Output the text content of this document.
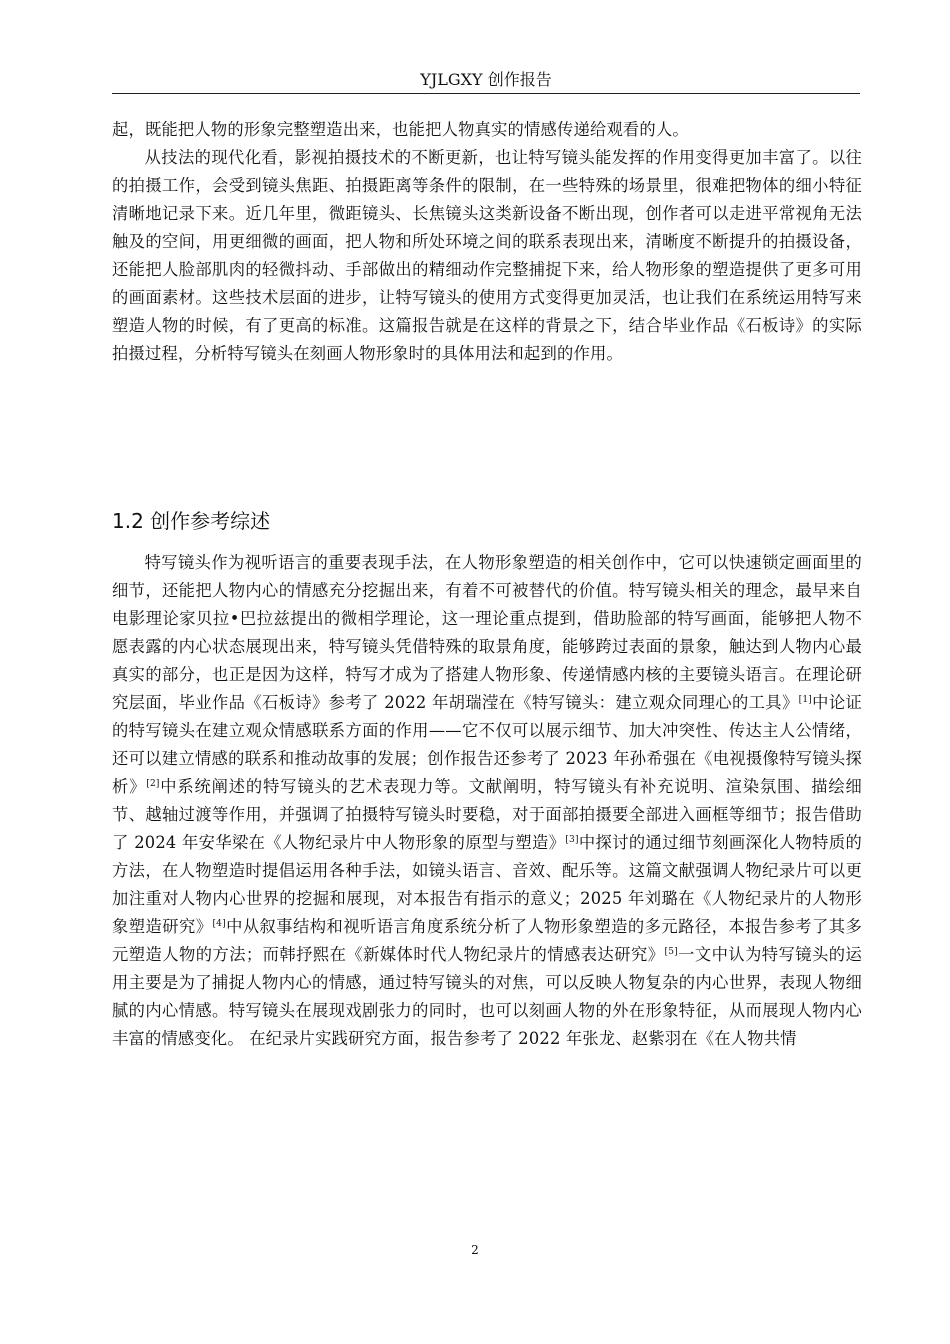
YJLGXY 创作报告

起，既能把人物的形象完整塑造出来，也能把人物真实的情感传递给观看的人。

从技法的现代化看，影视拍摄技术的不断更新，也让特写镜头能发挥的作用变得更加丰富了。以往的拍摄工作，会受到镜头焦距、拍摄距离等条件的限制，在一些特殊的场景里，很难把物体的细小特征清晰地记录下来。近几年里，微距镜头、长焦镜头这类新设备不断出现，创作者可以走进平常视角无法触及的空间，用更细微的画面，把人物和所处环境之间的联系表现出来，清晰度不断提升的拍摄设备，还能把人脸部肌肉的轻微抖动、手部做出的精细动作完整捕捉下来，给人物形象的塑造提供了更多可用的画面素材。这些技术层面的进步，让特写镜头的使用方式变得更加灵活，也让我们在系统运用特写来塑造人物的时候，有了更高的标准。这篇报告就是在这样的背景之下，结合毕业作品《石板诗》的实际拍摄过程，分析特写镜头在刻画人物形象时的具体用法和起到的作用。

1.2 创作参考综述

特写镜头作为视听语言的重要表现手法，在人物形象塑造的相关创作中，它可以快速锁定画面里的细节，还能把人物内心的情感充分挖掘出来，有着不可被替代的价值。特写镜头相关的理念，最早来自电影理论家贝拉•巴拉兹提出的微相学理论，这一理论重点提到，借助脸部的特写画面，能够把人物不愿表露的内心状态展现出来，特写镜头凭借特殊的取景角度，能够跨过表面的景象，触达到人物内心最真实的部分，也正是因为这样，特写才成为了搭建人物形象、传递情感内核的主要镜头语言。在理论研究层面，毕业作品《石板诗》参考了 2022 年胡瑞滢在《特写镜头：建立观众同理心的工具》[1]中论证的特写镜头在建立观众情感联系方面的作用——它不仅可以展示细节、加大冲突性、传达主人公情绪，还可以建立情感的联系和推动故事的发展；创作报告还参考了 2023 年孙希强在《电视摄像特写镜头探析》[2]中系统阐述的特写镜头的艺术表现力等。文献阐明，特写镜头有补充说明、渲染氛围、描绘细节、越轴过渡等作用，并强调了拍摄特写镜头时要稳，对于面部拍摄要全部进入画框等细节；报告借助了 2024 年安华梁在《人物纪录片中人物形象的原型与塑造》[3]中探讨的通过细节刻画深化人物特质的方法，在人物塑造时提倡运用各种手法，如镜头语言、音效、配乐等。这篇文献强调人物纪录片可以更加注重对人物内心世界的挖掘和展现，对本报告有指示的意义；2025 年刘璐在《人物纪录片的人物形象塑造研究》[4]中从叙事结构和视听语言角度系统分析了人物形象塑造的多元路径，本报告参考了其多元塑造人物的方法；而韩抒熙在《新媒体时代人物纪录片的情感表达研究》[5]一文中认为特写镜头的运用主要是为了捕捉人物内心的情感，通过特写镜头的对焦，可以反映人物复杂的内心世界，表现人物细腻的内心情感。特写镜头在展现戏剧张力的同时，也可以刻画人物的外在形象特征，从而展现人物内心丰富的情感变化。 在纪录片实践研究方面，报告参考了 2022 年张龙、赵紫羽在《在人物共情

2
